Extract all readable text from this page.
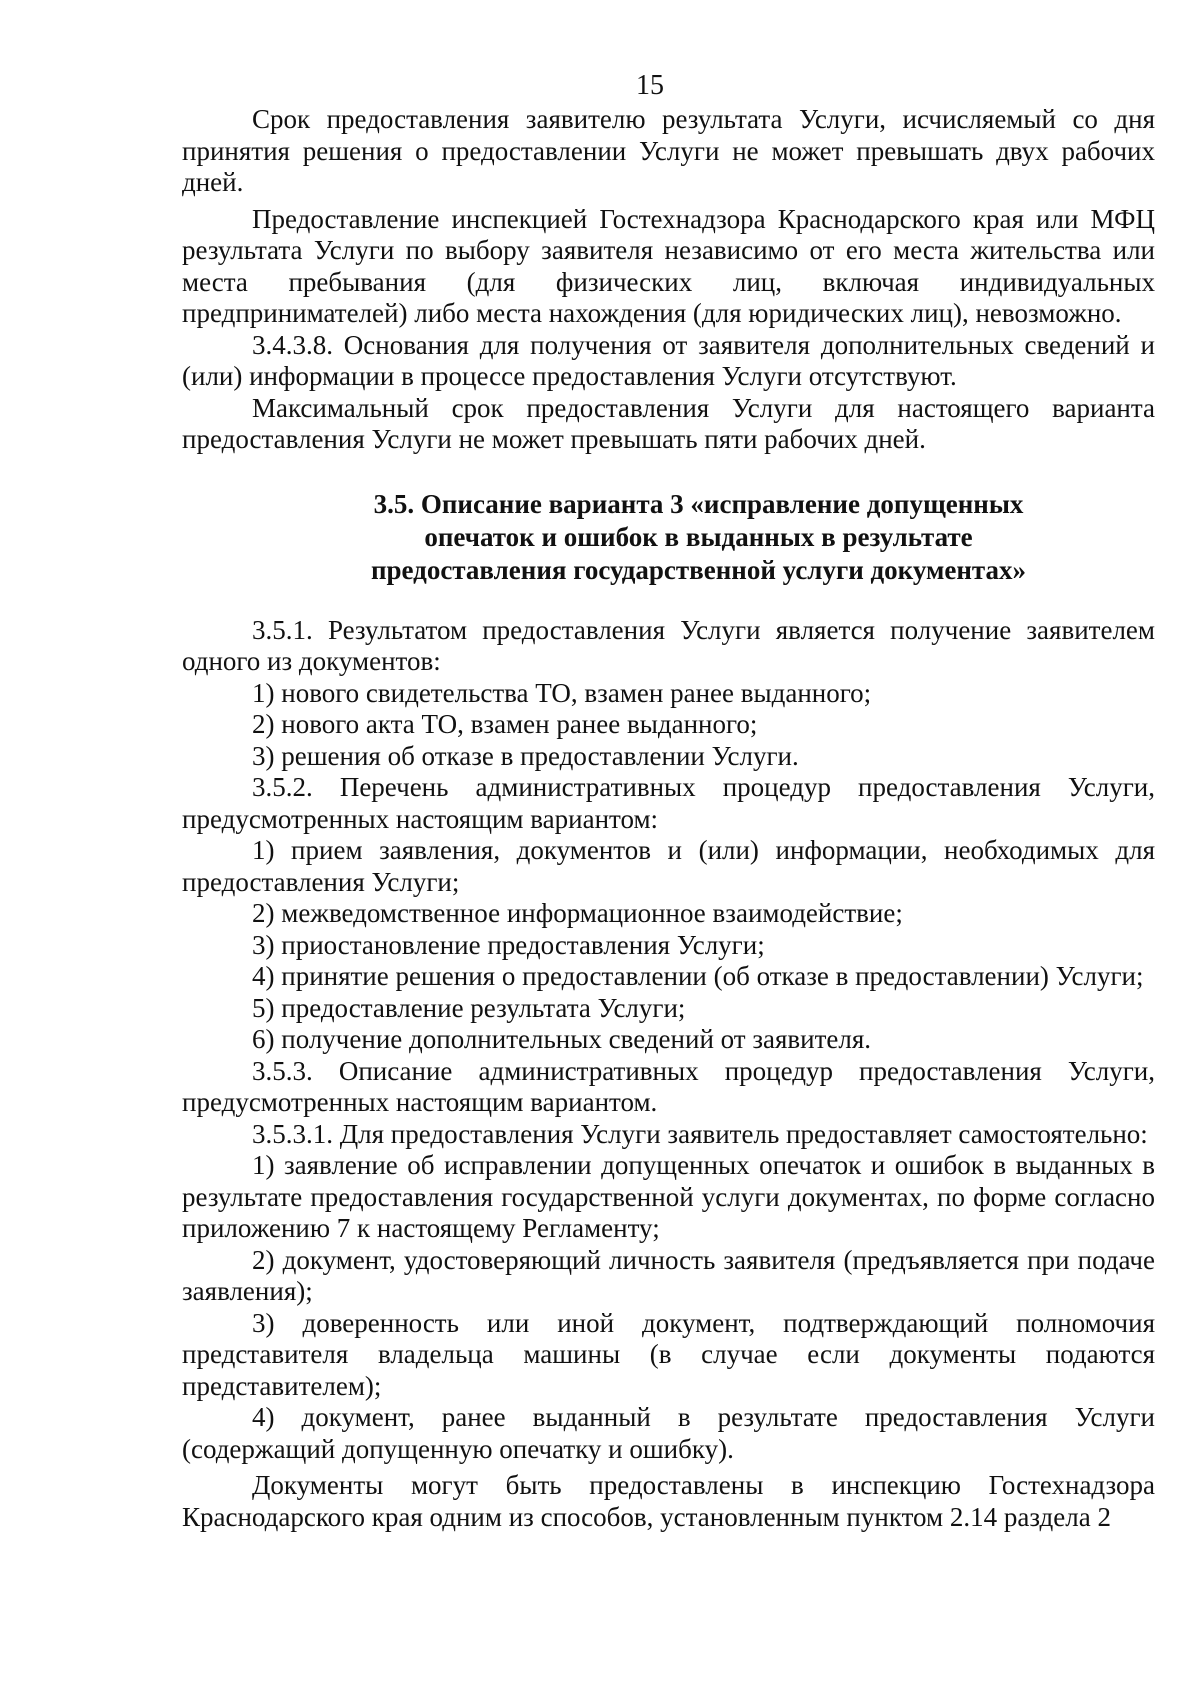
15

Срок предоставления заявителю результата Услуги, исчисляемый со дня принятия решения о предоставлении Услуги не может превышать двух рабочих дней.

Предоставление инспекцией Гостехнадзора Краснодарского края или МФЦ результата Услуги по выбору заявителя независимо от его места жительства или места пребывания (для физических лиц, включая индивидуальных предпринимателей) либо места нахождения (для юридических лиц), невозможно.

3.4.3.8. Основания для получения от заявителя дополнительных сведений и (или) информации в процессе предоставления Услуги отсутствуют.

Максимальный срок предоставления Услуги для настоящего варианта предоставления Услуги не может превышать пяти рабочих дней.

3.5. Описание варианта 3 «исправление допущенных
опечаток и ошибок в выданных в результате
предоставления государственной услуги документах»

3.5.1. Результатом предоставления Услуги является получение заявителем одного из документов:

1) нового свидетельства ТО, взамен ранее выданного;

2) нового акта ТО, взамен ранее выданного;

3) решения об отказе в предоставлении Услуги.

3.5.2. Перечень административных процедур предоставления Услуги, предусмотренных настоящим вариантом:

1) прием заявления, документов и (или) информации, необходимых для предоставления Услуги;

2) межведомственное информационное взаимодействие;

3) приостановление предоставления Услуги;

4) принятие решения о предоставлении (об отказе в предоставлении) Услуги;

5) предоставление результата Услуги;

6) получение дополнительных сведений от заявителя.

3.5.3. Описание административных процедур предоставления Услуги, предусмотренных настоящим вариантом.

3.5.3.1. Для предоставления Услуги заявитель предоставляет самостоятельно:

1) заявление об исправлении допущенных опечаток и ошибок в выданных в результате предоставления государственной услуги документах, по форме согласно приложению 7 к настоящему Регламенту;

2) документ, удостоверяющий личность заявителя (предъявляется при подаче заявления);

3) доверенность или иной документ, подтверждающий полномочия представителя владельца машины (в случае если документы подаются представителем);

4) документ, ранее выданный в результате предоставления Услуги (содержащий допущенную опечатку и ошибку).

Документы могут быть предоставлены в инспекцию Гостехнадзора Краснодарского края одним из способов, установленным пунктом 2.14 раздела 2
